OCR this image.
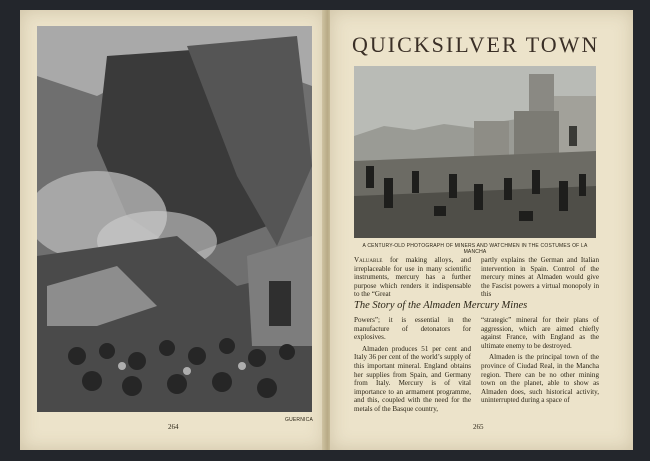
GUERNICA
264
QUICKSILVER TOWN
A CENTURY-OLD PHOTOGRAPH OF MINERS AND WATCHMEN IN THE COSTUMES OF LA MANCHA
Valuable for making alloys, and irreplaceable for use in many scientific instruments, mercury has a further purpose which renders it indispensable to the “Great
partly explains the German and Italian intervention in Spain. Control of the mercury mines at Almaden would give the Fascist powers a virtual monopoly in this
The Story of the Almaden Mercury Mines

Powers”; it is essential in the manufacture of detonators for explosives.

Almaden produces 51 per cent and Italy 36 per cent of the world’s supply of this important mineral. England obtains her supplies from Spain, and Germany from Italy. Mercury is of vital importance to an armament programme, and this, coupled with the need for the metals of the Basque country,

“strategic” mineral for their plans of aggression, which are aimed chiefly against France, with England as the ultimate enemy to be destroyed.

Almaden is the principal town of the province of Ciudad Real, in the Mancha region. There can be no other mining town on the planet, able to show as Almaden does, such historical activity, uninterrupted during a space of

265
